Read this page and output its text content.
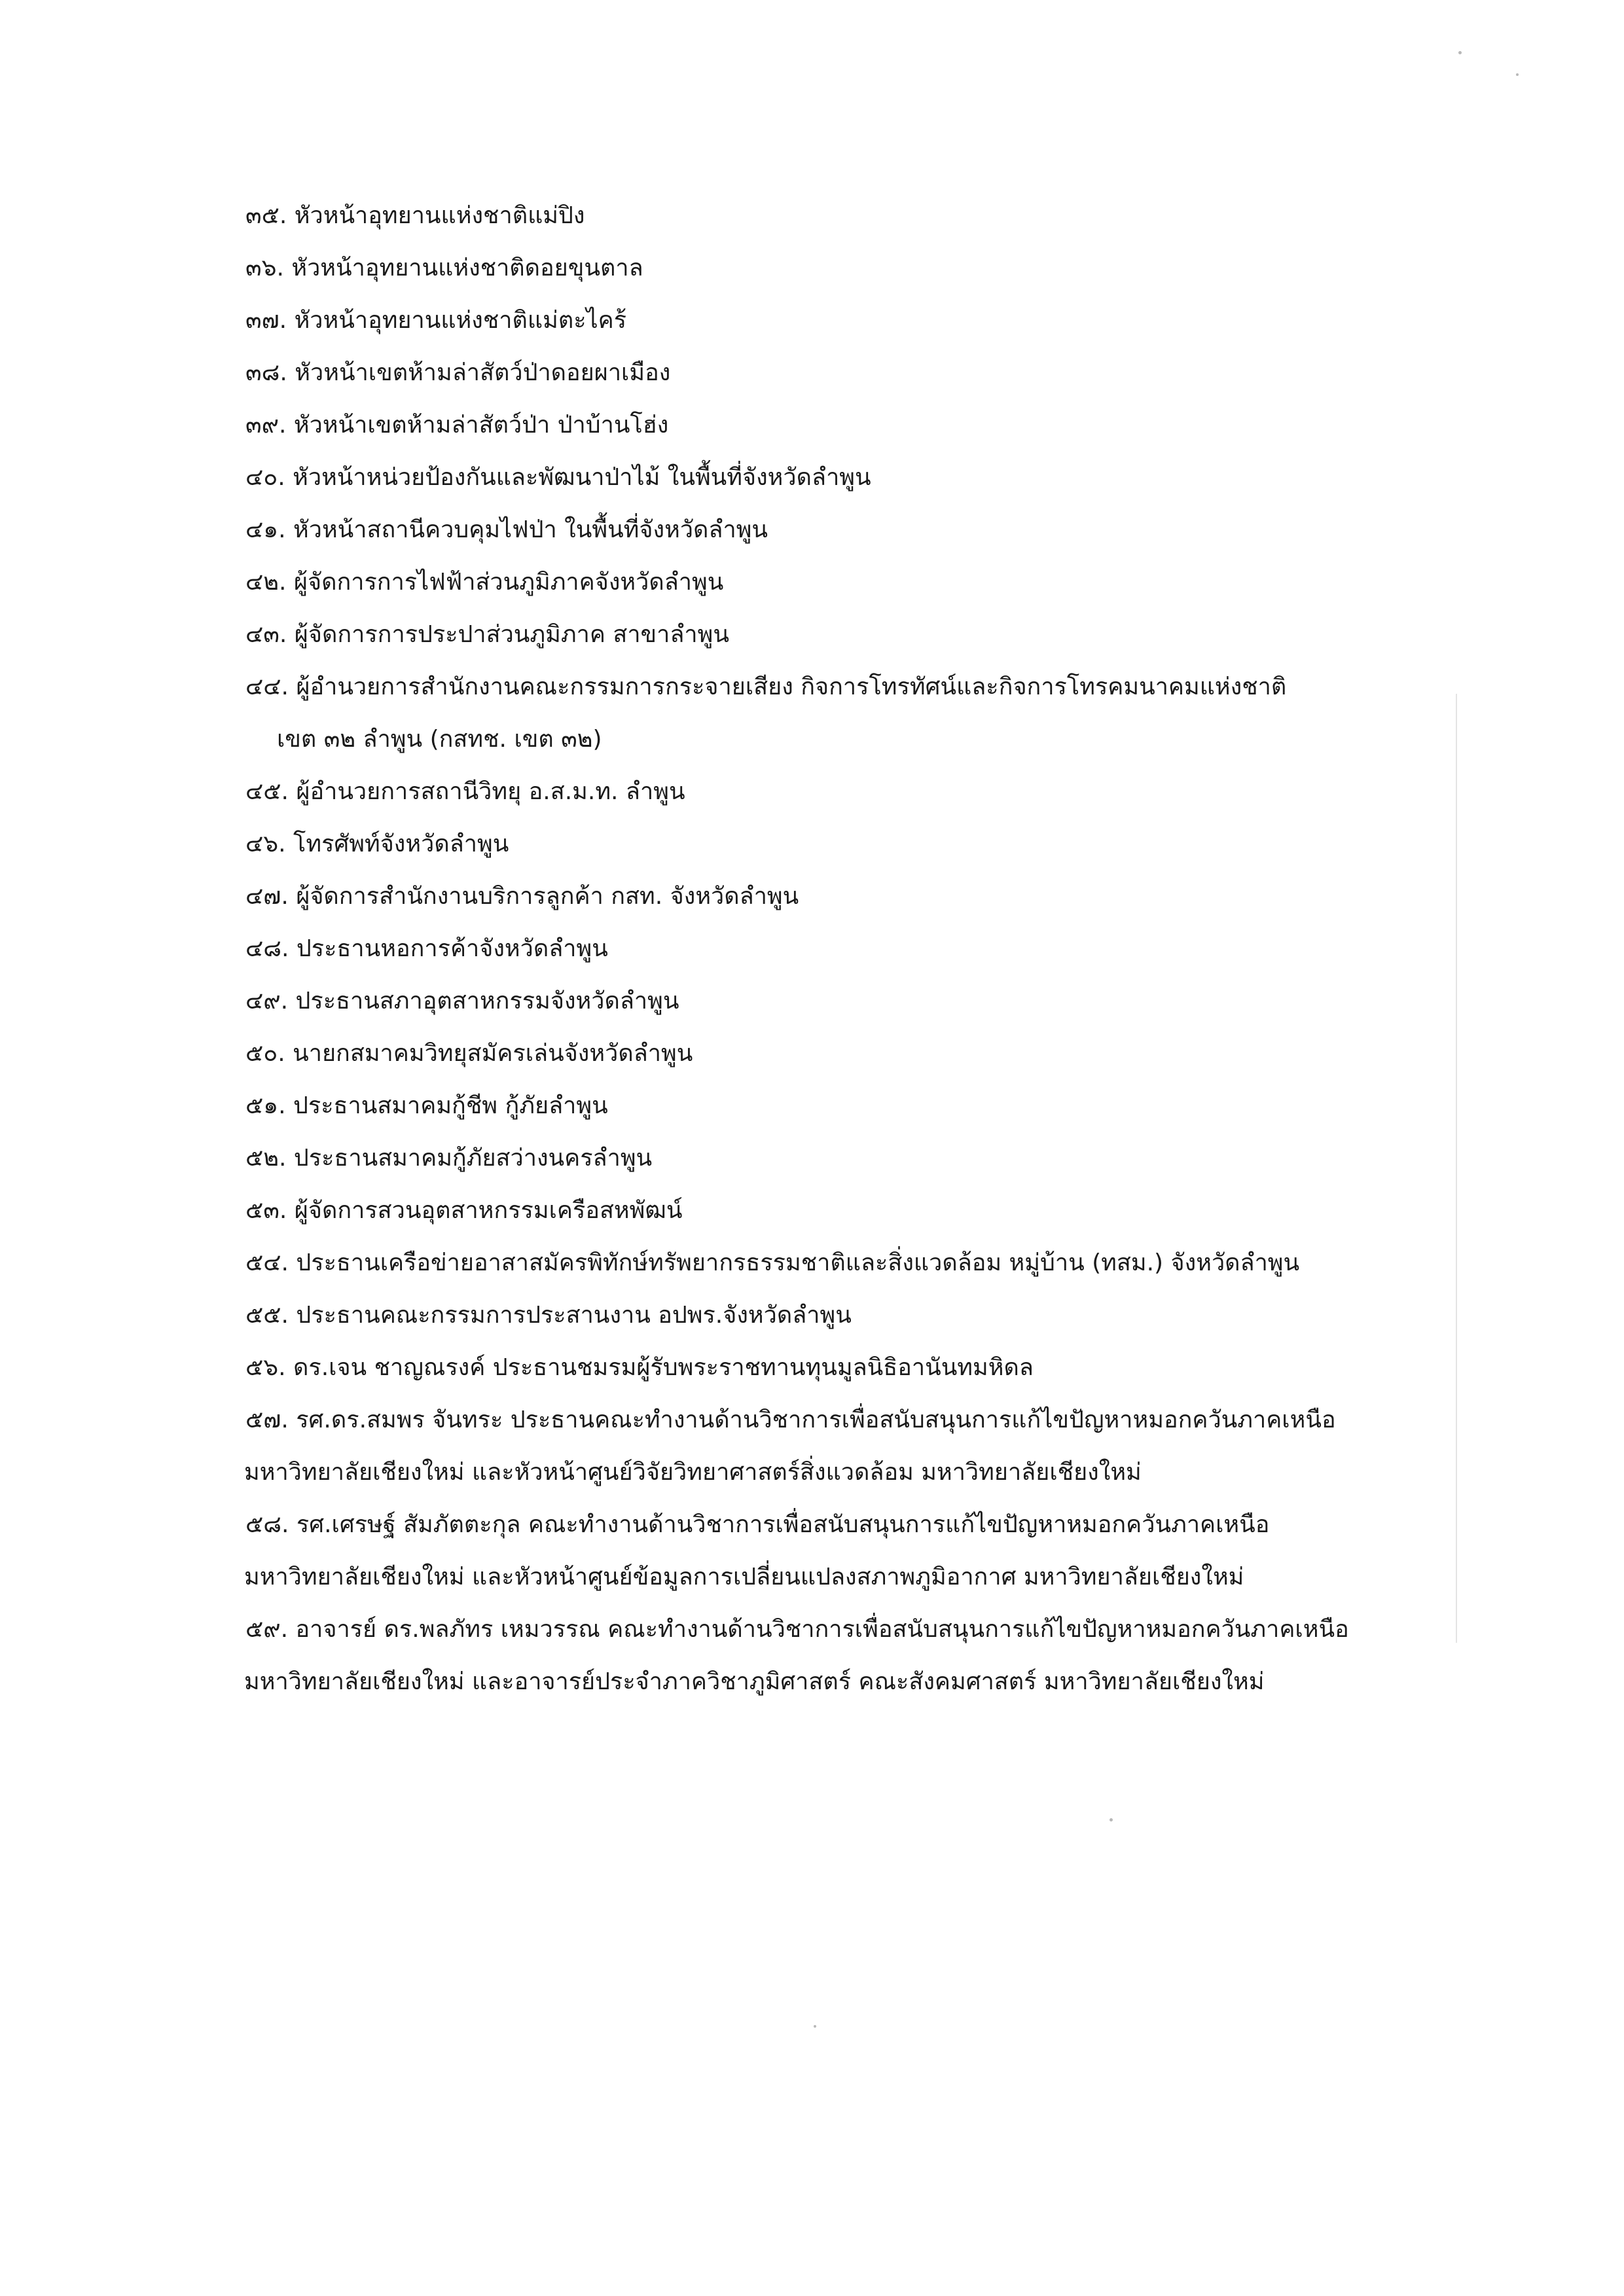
๓๕. หัวหน้าอุทยานแห่งชาติแม่ปิง
๓๖. หัวหน้าอุทยานแห่งชาติดอยขุนตาล
๓๗. หัวหน้าอุทยานแห่งชาติแม่ตะไคร้
๓๘. หัวหน้าเขตห้ามล่าสัตว์ป่าดอยผาเมือง
๓๙. หัวหน้าเขตห้ามล่าสัตว์ป่า ป่าบ้านโฮ่ง
๔๐. หัวหน้าหน่วยป้องกันและพัฒนาป่าไม้ ในพื้นที่จังหวัดลำพูน
๔๑. หัวหน้าสถานีควบคุมไฟป่า ในพื้นที่จังหวัดลำพูน
๔๒. ผู้จัดการการไฟฟ้าส่วนภูมิภาคจังหวัดลำพูน
๔๓. ผู้จัดการการประปาส่วนภูมิภาค สาขาลำพูน
๔๔. ผู้อำนวยการสำนักงานคณะกรรมการกระจายเสียง กิจการโทรทัศน์และกิจการโทรคมนาคมแห่งชาติ
เขต ๓๒ ลำพูน (กสทช. เขต ๓๒)
๔๕. ผู้อำนวยการสถานีวิทยุ อ.ส.ม.ท. ลำพูน
๔๖. โทรศัพท์จังหวัดลำพูน
๔๗. ผู้จัดการสำนักงานบริการลูกค้า กสท. จังหวัดลำพูน
๔๘. ประธานหอการค้าจังหวัดลำพูน
๔๙. ประธานสภาอุตสาหกรรมจังหวัดลำพูน
๕๐. นายกสมาคมวิทยุสมัครเล่นจังหวัดลำพูน
๕๑. ประธานสมาคมกู้ชีพ กู้ภัยลำพูน
๕๒. ประธานสมาคมกู้ภัยสว่างนครลำพูน
๕๓. ผู้จัดการสวนอุตสาหกรรมเครือสหพัฒน์
๕๔. ประธานเครือข่ายอาสาสมัครพิทักษ์ทรัพยากรธรรมชาติและสิ่งแวดล้อม หมู่บ้าน (ทสม.) จังหวัดลำพูน
๕๕. ประธานคณะกรรมการประสานงาน อปพร.จังหวัดลำพูน
๕๖. ดร.เจน ชาญณรงค์ ประธานชมรมผู้รับพระราชทานทุนมูลนิธิอานันทมหิดล
๕๗. รศ.ดร.สมพร จันทระ ประธานคณะทำงานด้านวิชาการเพื่อสนับสนุนการแก้ไขปัญหาหมอกควันภาคเหนือ
มหาวิทยาลัยเชียงใหม่ และหัวหน้าศูนย์วิจัยวิทยาศาสตร์สิ่งแวดล้อม มหาวิทยาลัยเชียงใหม่
๕๘. รศ.เศรษฐ์ สัมภัตตะกุล คณะทำงานด้านวิชาการเพื่อสนับสนุนการแก้ไขปัญหาหมอกควันภาคเหนือ
มหาวิทยาลัยเชียงใหม่ และหัวหน้าศูนย์ข้อมูลการเปลี่ยนแปลงสภาพภูมิอากาศ มหาวิทยาลัยเชียงใหม่
๕๙. อาจารย์ ดร.พลภัทร เหมวรรณ คณะทำงานด้านวิชาการเพื่อสนับสนุนการแก้ไขปัญหาหมอกควันภาคเหนือ
มหาวิทยาลัยเชียงใหม่ และอาจารย์ประจำภาควิชาภูมิศาสตร์ คณะสังคมศาสตร์ มหาวิทยาลัยเชียงใหม่
